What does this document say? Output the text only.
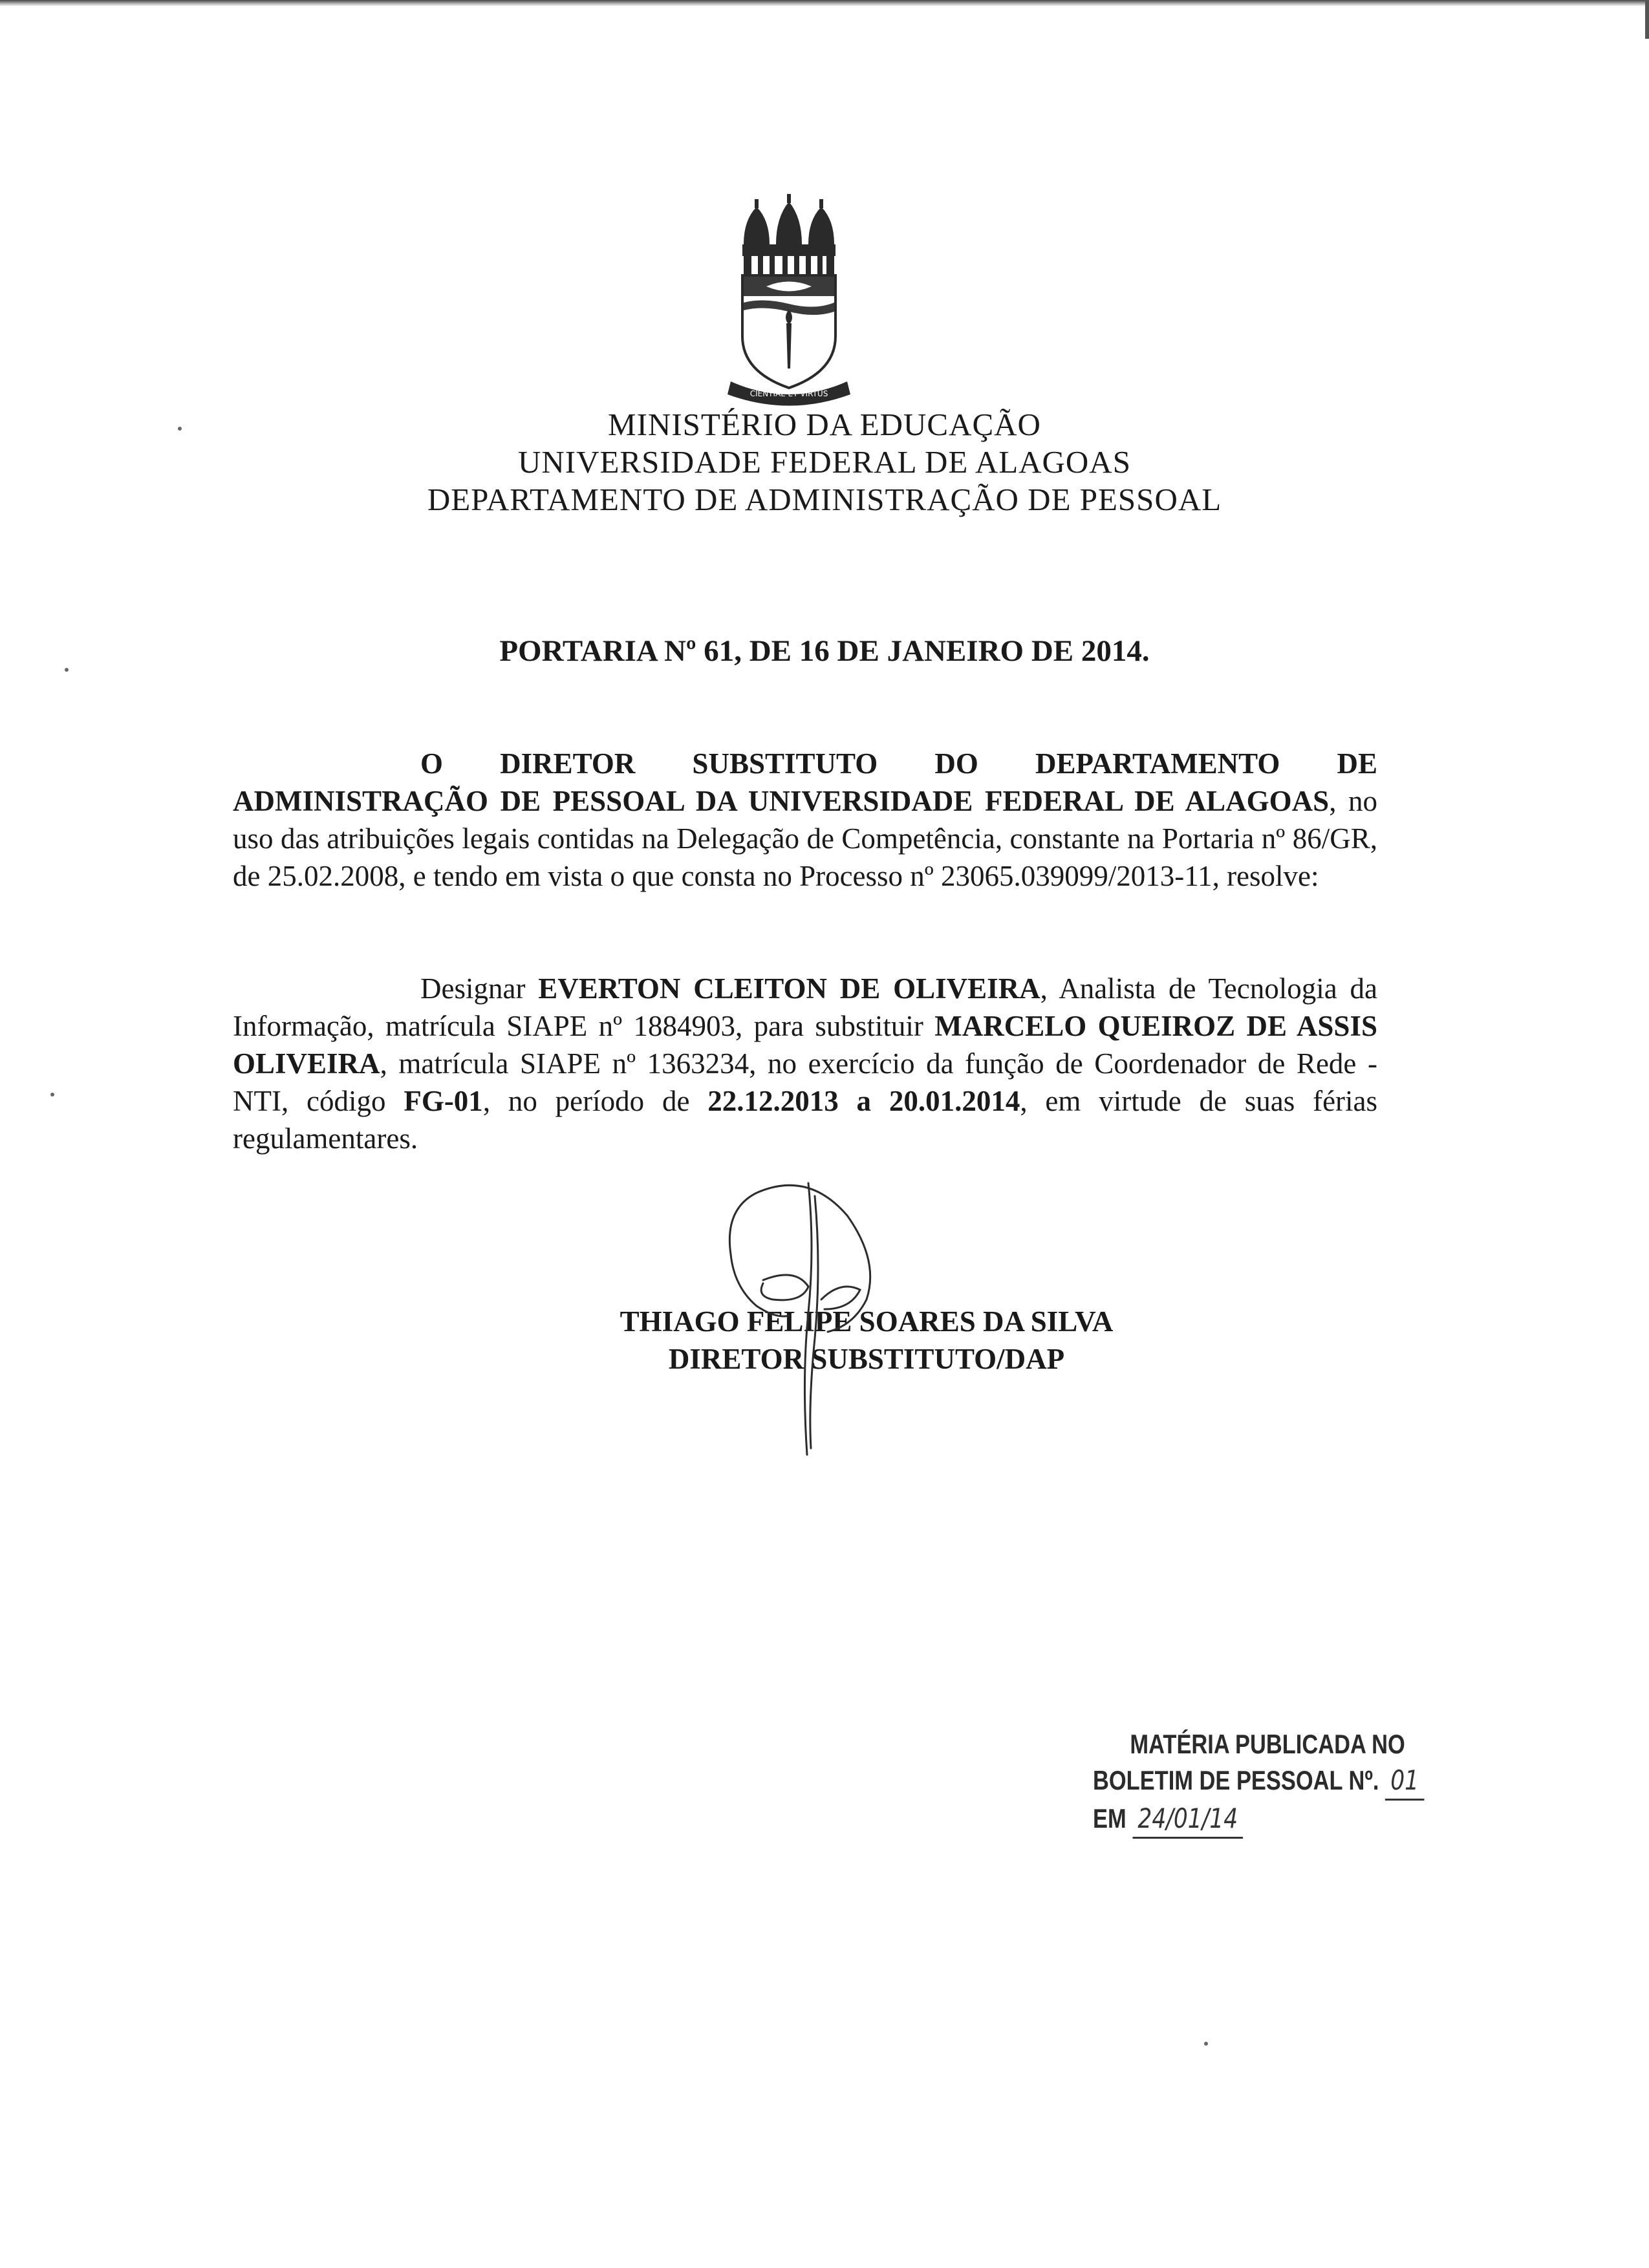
CIENTIAE ET VIRTUS
MINISTÉRIO DA EDUCAÇÃO
UNIVERSIDADE FEDERAL DE ALAGOAS
DEPARTAMENTO DE ADMINISTRAÇÃO DE PESSOAL
PORTARIA Nº 61, DE 16 DE JANEIRO DE 2014.
O DIRETOR SUBSTITUTO DO DEPARTAMENTO DE ADMINISTRAÇÃO DE PESSOAL DA UNIVERSIDADE FEDERAL DE ALAGOAS, no uso das atribuições legais contidas na Delegação de Competência, constante na Portaria nº 86/GR, de 25.02.2008, e tendo em vista o que consta no Processo nº 23065.039099/2013-11, resolve:
Designar EVERTON CLEITON DE OLIVEIRA, Analista de Tecnologia da Informação, matrícula SIAPE nº 1884903, para substituir MARCELO QUEIROZ DE ASSIS OLIVEIRA, matrícula SIAPE nº 1363234, no exercício da função de Coordenador de Rede - NTI, código FG-01, no período de 22.12.2013 a 20.01.2014, em virtude de suas férias regulamentares.
THIAGO FELIPE SOARES DA SILVA
DIRETOR SUBSTITUTO/DAP
MATÉRIA PUBLICADA NO
BOLETIM DE PESSOAL Nº. 01
EM 24/01/14
